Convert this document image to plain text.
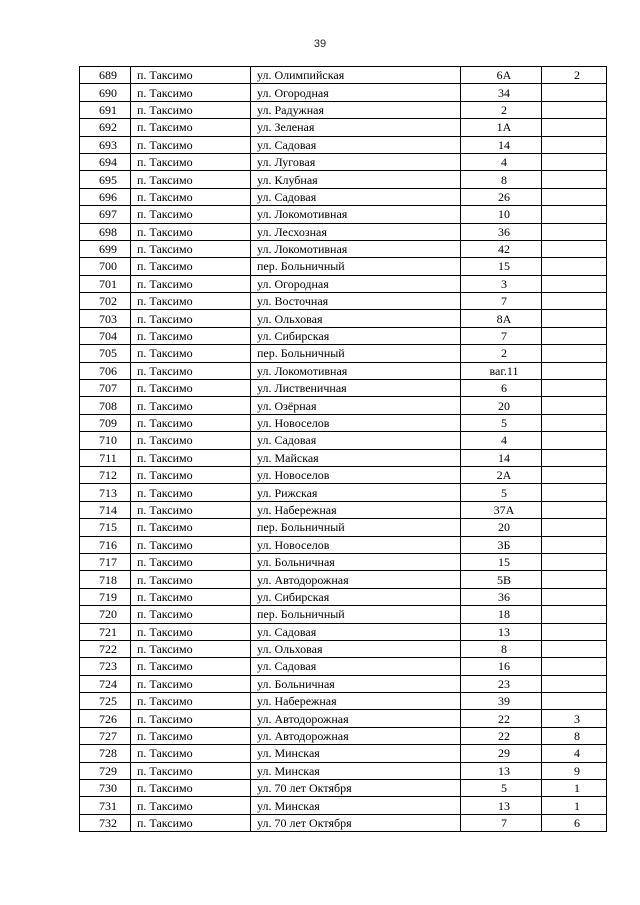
39
689	п. Таксимо	ул. Олимпийская	6А	2
690	п. Таксимо	ул. Огородная	34	
691	п. Таксимо	ул. Радужная	2	
692	п. Таксимо	ул. Зеленая	1А	
693	п. Таксимо	ул. Садовая	14	
694	п. Таксимо	ул. Луговая	4	
695	п. Таксимо	ул. Клубная	8	
696	п. Таксимо	ул. Садовая	26	
697	п. Таксимо	ул. Локомотивная	10	
698	п. Таксимо	ул. Лесхозная	36	
699	п. Таксимо	ул. Локомотивная	42	
700	п. Таксимо	пер. Больничный	15	
701	п. Таксимо	ул. Огородная	3	
702	п. Таксимо	ул. Восточная	7	
703	п. Таксимо	ул. Ольховая	8А	
704	п. Таксимо	ул. Сибирская	7	
705	п. Таксимо	пер. Больничный	2	
706	п. Таксимо	ул. Локомотивная	ваг.11	
707	п. Таксимо	ул. Лиственичная	6	
708	п. Таксимо	ул. Озёрная	20	
709	п. Таксимо	ул. Новоселов	5	
710	п. Таксимо	ул. Садовая	4	
711	п. Таксимо	ул. Майская	14	
712	п. Таксимо	ул. Новоселов	2А	
713	п. Таксимо	ул. Рижская	5	
714	п. Таксимо	ул. Набережная	37А	
715	п. Таксимо	пер. Больничный	20	
716	п. Таксимо	ул. Новоселов	3Б	
717	п. Таксимо	ул. Больничная	15	
718	п. Таксимо	ул. Автодорожная	5В	
719	п. Таксимо	ул. Сибирская	36	
720	п. Таксимо	пер. Больничный	18	
721	п. Таксимо	ул. Садовая	13	
722	п. Таксимо	ул. Ольховая	8	
723	п. Таксимо	ул. Садовая	16	
724	п. Таксимо	ул. Больничная	23	
725	п. Таксимо	ул. Набережная	39	
726	п. Таксимо	ул. Автодорожная	22	3
727	п. Таксимо	ул. Автодорожная	22	8
728	п. Таксимо	ул. Минская	29	4
729	п. Таксимо	ул. Минская	13	9
730	п. Таксимо	ул. 70 лет Октября	5	1
731	п. Таксимо	ул. Минская	13	1
732	п. Таксимо	ул. 70 лет Октября	7	6
